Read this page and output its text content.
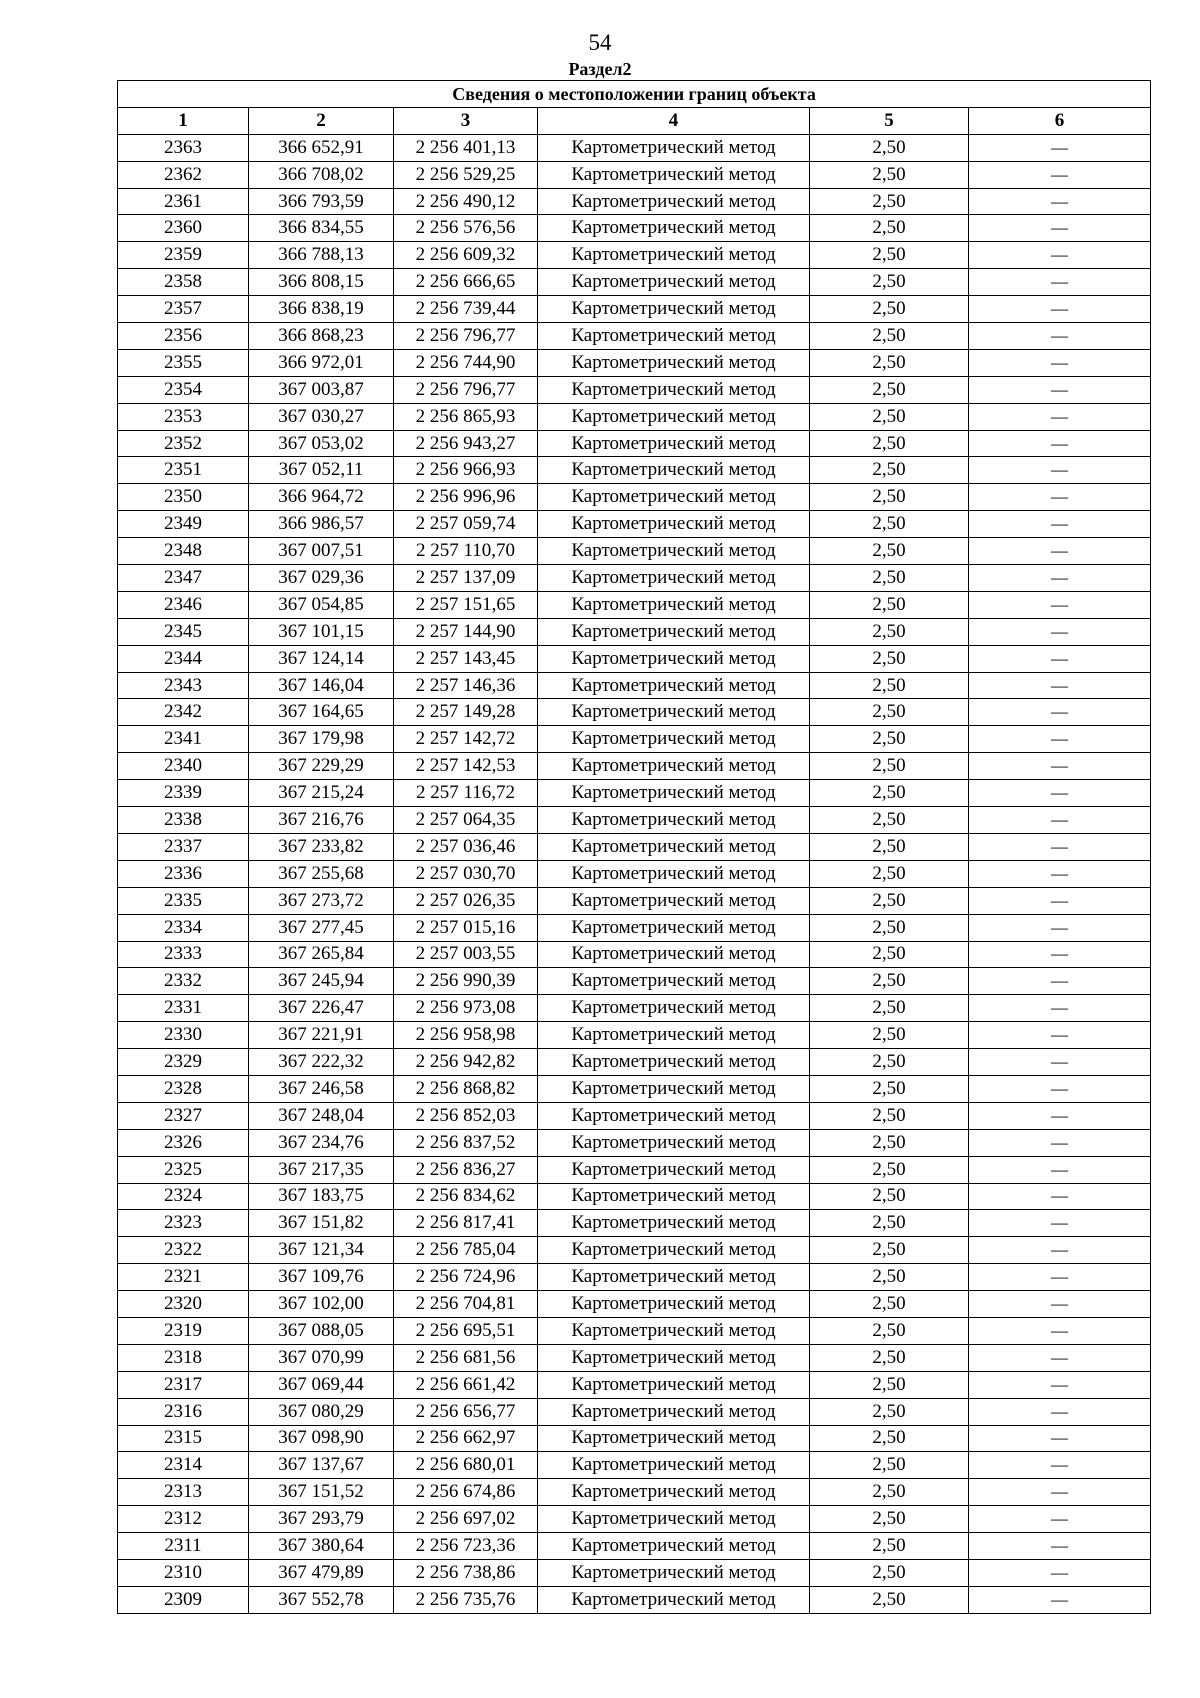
54
Раздел2
Сведения о местоположении границ объекта					
1	2	3	4	5	6
2363	366 652,91	2 256 401,13	Картометрический метод	2,50	—
2362	366 708,02	2 256 529,25	Картометрический метод	2,50	—
2361	366 793,59	2 256 490,12	Картометрический метод	2,50	—
2360	366 834,55	2 256 576,56	Картометрический метод	2,50	—
2359	366 788,13	2 256 609,32	Картометрический метод	2,50	—
2358	366 808,15	2 256 666,65	Картометрический метод	2,50	—
2357	366 838,19	2 256 739,44	Картометрический метод	2,50	—
2356	366 868,23	2 256 796,77	Картометрический метод	2,50	—
2355	366 972,01	2 256 744,90	Картометрический метод	2,50	—
2354	367 003,87	2 256 796,77	Картометрический метод	2,50	—
2353	367 030,27	2 256 865,93	Картометрический метод	2,50	—
2352	367 053,02	2 256 943,27	Картометрический метод	2,50	—
2351	367 052,11	2 256 966,93	Картометрический метод	2,50	—
2350	366 964,72	2 256 996,96	Картометрический метод	2,50	—
2349	366 986,57	2 257 059,74	Картометрический метод	2,50	—
2348	367 007,51	2 257 110,70	Картометрический метод	2,50	—
2347	367 029,36	2 257 137,09	Картометрический метод	2,50	—
2346	367 054,85	2 257 151,65	Картометрический метод	2,50	—
2345	367 101,15	2 257 144,90	Картометрический метод	2,50	—
2344	367 124,14	2 257 143,45	Картометрический метод	2,50	—
2343	367 146,04	2 257 146,36	Картометрический метод	2,50	—
2342	367 164,65	2 257 149,28	Картометрический метод	2,50	—
2341	367 179,98	2 257 142,72	Картометрический метод	2,50	—
2340	367 229,29	2 257 142,53	Картометрический метод	2,50	—
2339	367 215,24	2 257 116,72	Картометрический метод	2,50	—
2338	367 216,76	2 257 064,35	Картометрический метод	2,50	—
2337	367 233,82	2 257 036,46	Картометрический метод	2,50	—
2336	367 255,68	2 257 030,70	Картометрический метод	2,50	—
2335	367 273,72	2 257 026,35	Картометрический метод	2,50	—
2334	367 277,45	2 257 015,16	Картометрический метод	2,50	—
2333	367 265,84	2 257 003,55	Картометрический метод	2,50	—
2332	367 245,94	2 256 990,39	Картометрический метод	2,50	—
2331	367 226,47	2 256 973,08	Картометрический метод	2,50	—
2330	367 221,91	2 256 958,98	Картометрический метод	2,50	—
2329	367 222,32	2 256 942,82	Картометрический метод	2,50	—
2328	367 246,58	2 256 868,82	Картометрический метод	2,50	—
2327	367 248,04	2 256 852,03	Картометрический метод	2,50	—
2326	367 234,76	2 256 837,52	Картометрический метод	2,50	—
2325	367 217,35	2 256 836,27	Картометрический метод	2,50	—
2324	367 183,75	2 256 834,62	Картометрический метод	2,50	—
2323	367 151,82	2 256 817,41	Картометрический метод	2,50	—
2322	367 121,34	2 256 785,04	Картометрический метод	2,50	—
2321	367 109,76	2 256 724,96	Картометрический метод	2,50	—
2320	367 102,00	2 256 704,81	Картометрический метод	2,50	—
2319	367 088,05	2 256 695,51	Картометрический метод	2,50	—
2318	367 070,99	2 256 681,56	Картометрический метод	2,50	—
2317	367 069,44	2 256 661,42	Картометрический метод	2,50	—
2316	367 080,29	2 256 656,77	Картометрический метод	2,50	—
2315	367 098,90	2 256 662,97	Картометрический метод	2,50	—
2314	367 137,67	2 256 680,01	Картометрический метод	2,50	—
2313	367 151,52	2 256 674,86	Картометрический метод	2,50	—
2312	367 293,79	2 256 697,02	Картометрический метод	2,50	—
2311	367 380,64	2 256 723,36	Картометрический метод	2,50	—
2310	367 479,89	2 256 738,86	Картометрический метод	2,50	—
2309	367 552,78	2 256 735,76	Картометрический метод	2,50	—
